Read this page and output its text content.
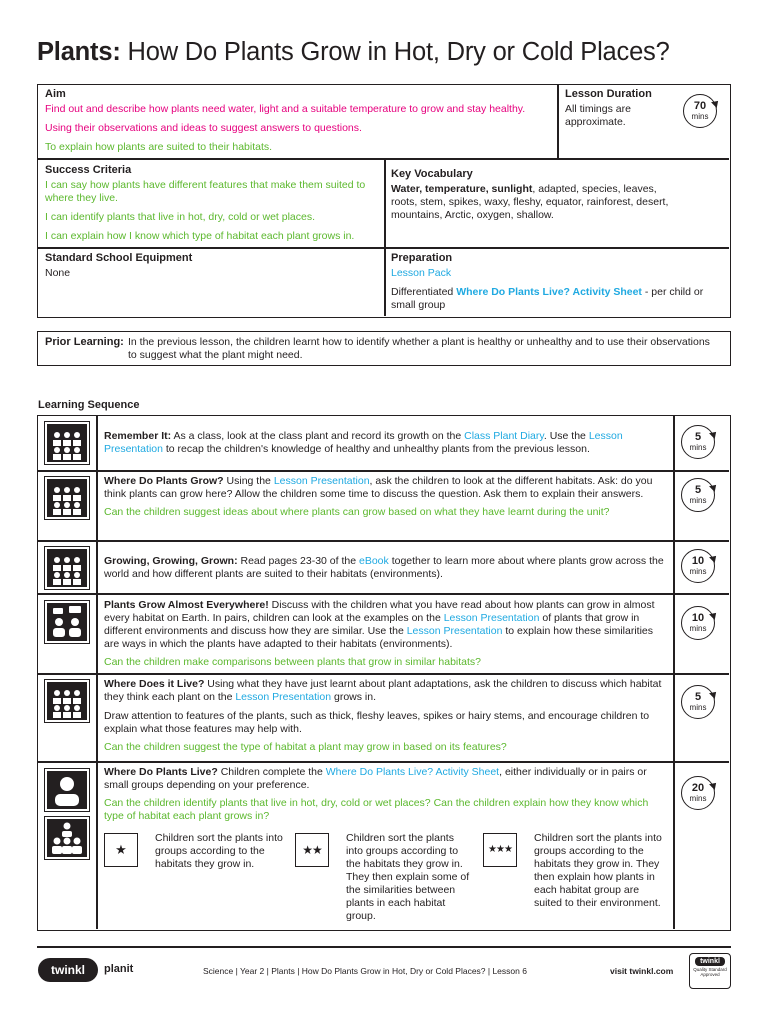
Plants: How Do Plants Grow in Hot, Dry or Cold Places?
Aim

Find out and describe how plants need water, light and a suitable temperature to grow and stay healthy.

Using their observations and ideas to suggest answers to questions.

To explain how plants are suited to their habitats.

Lesson Duration
All timings are approximate.
70
mins
Success Criteria

I can say how plants have different features that make them suited to where they live.

I can identify plants that live in hot, dry, cold or wet places.

I can explain how I know which type of habitat each plant grows in.

Key Vocabulary
Water, temperature, sunlight, adapted, species, leaves, roots, stem, spikes, waxy, fleshy, equator, rainforest, desert, mountains, Arctic, oxygen, shallow.
Standard School Equipment
None
Preparation

Lesson Pack

Differentiated Where Do Plants Live? Activity Sheet - per child or small group
Prior Learning: In the previous lesson, the children learnt how to identify whether a plant is healthy or unhealthy and to use their observations to suggest what the plant might need.
Learning Sequence
Remember It: As a class, look at the class plant and record its growth on the Class Plant Diary. Use the Lesson Presentation to recap the children's knowledge of healthy and unhealthy plants from the previous lesson.
5
mins

Where Do Plants Grow? Using the Lesson Presentation, ask the children to look at the different habitats. Ask: do you think plants can grow here? Allow the children some time to discuss the question. Ask them to explain their answers.

Can the children suggest ideas about where plants can grow based on what they have learnt during the unit?
5
mins
Growing, Growing, Grown: Read pages 23-30 of the eBook together to learn more about where plants grow across the world and how different plants are suited to their habitats (environments).
10
mins

Plants Grow Almost Everywhere! Discuss with the children what you have read about how plants can grow in almost every habitat on Earth. In pairs, children can look at the examples on the Lesson Presentation of plants that grow in different environments and discuss how they are similar. Use the Lesson Presentation to explain how these similarities are ways in which the plants have adapted to their habitats (environments).

Can the children make comparisons between plants that grow in similar habitats?
10
mins

Where Does it Live? Using what they have just learnt about plant adaptations, ask the children to discuss which habitat they think each plant on the Lesson Presentation grows in.

Draw attention to features of the plants, such as thick, fleshy leaves, spikes or hairy stems, and encourage children to explain what those features may help with.

Can the children suggest the type of habitat a plant may grow in based on its features?
5
mins

Where Do Plants Live? Children complete the Where Do Plants Live? Activity Sheet, either individually or in pairs or small groups depending on your preference.

Can the children identify plants that live in hot, dry, cold or wet places? Can the children explain how they know which type of habitat each plant grows in?
20
mins
★
Children sort the plants into groups according to the habitats they grow in.
★★
Children sort the plants into groups according to the habitats they grow in. They then explain some of the similarities between plants in each habitat group.
★★★
Children sort the plants into groups according to the habitats they grow in. They then explain how plants in each habitat group are suited to their environment.
twinkl	planit	Science | Year 2 | Plants | How Do Plants Grow in Hot, Dry or Cold Places? | Lesson 6	visit twinkl.com
twinkl
Quality Standard Approved
